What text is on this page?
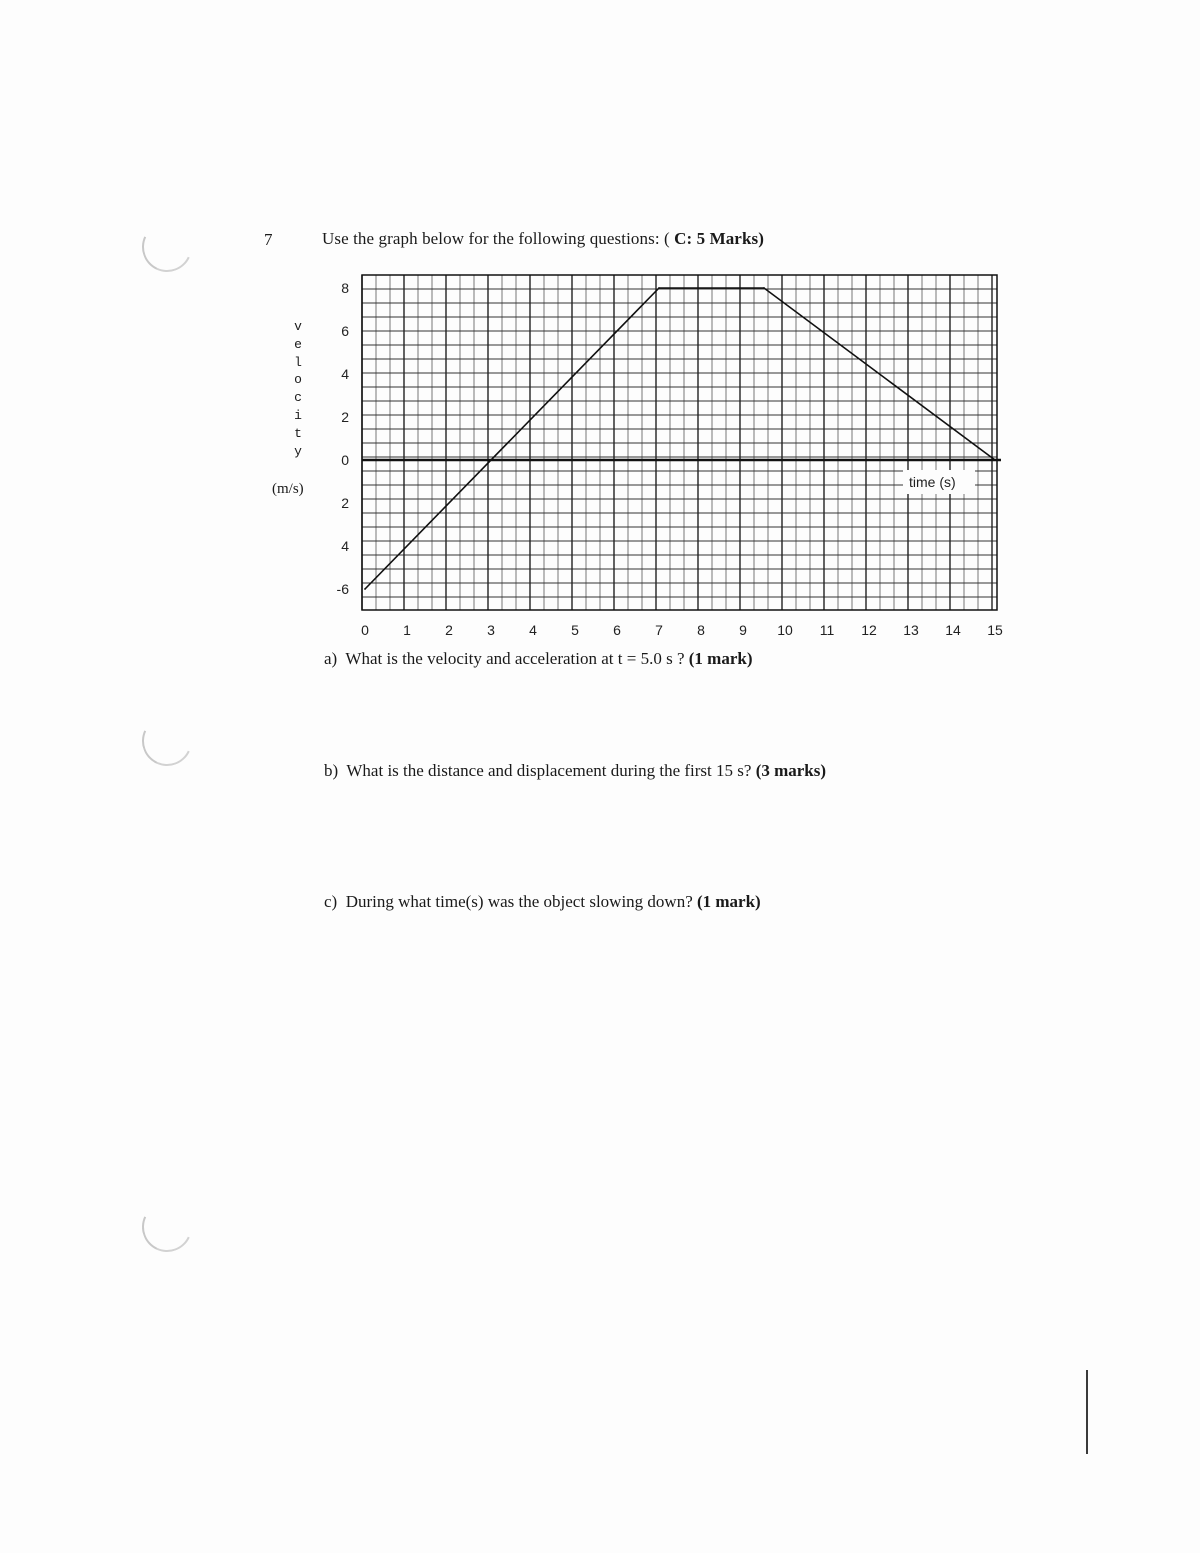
7	Use the graph below for the following questions: ( C: 5 Marks)
v
e
l
o
c
i
t
y
(m/s)
8
6
4
2
0
2
4
-6
0 1 2 3 4 5 6 7 8 9 10 11 12 13 14 15
time (s)
a) What is the velocity and acceleration at t = 5.0 s ? (1 mark)
b) What is the distance and displacement during the first 15 s? (3 marks)
c) During what time(s) was the object slowing down? (1 mark)
